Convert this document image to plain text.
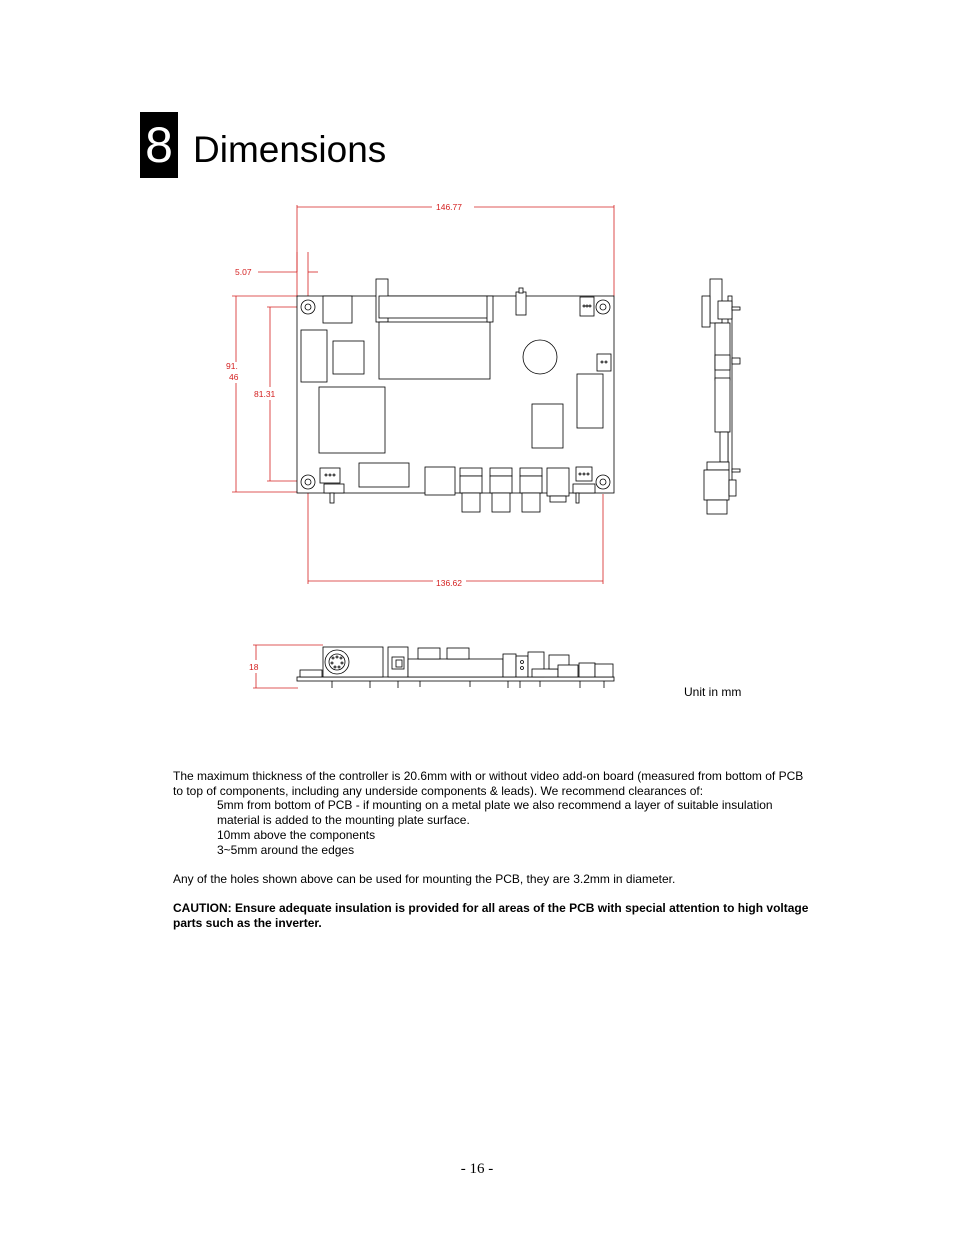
8 Dimensions
146.77
5.07
91.
46
81.31
136.62
18
Unit in mm

The maximum thickness of the controller is 20.6mm with or without video add-on board (measured from bottom of PCB to top of components, including any underside components & leads). We recommend clearances of:

5mm from bottom of PCB - if mounting on a metal plate we also recommend a layer of suitable insulation material is added to the mounting plate surface.

10mm above the components

3~5mm around the edges

Any of the holes shown above can be used for mounting the PCB, they are 3.2mm in diameter.

CAUTION: Ensure adequate insulation is provided for all areas of the PCB with special attention to high voltage parts such as the inverter.

- 16 -
